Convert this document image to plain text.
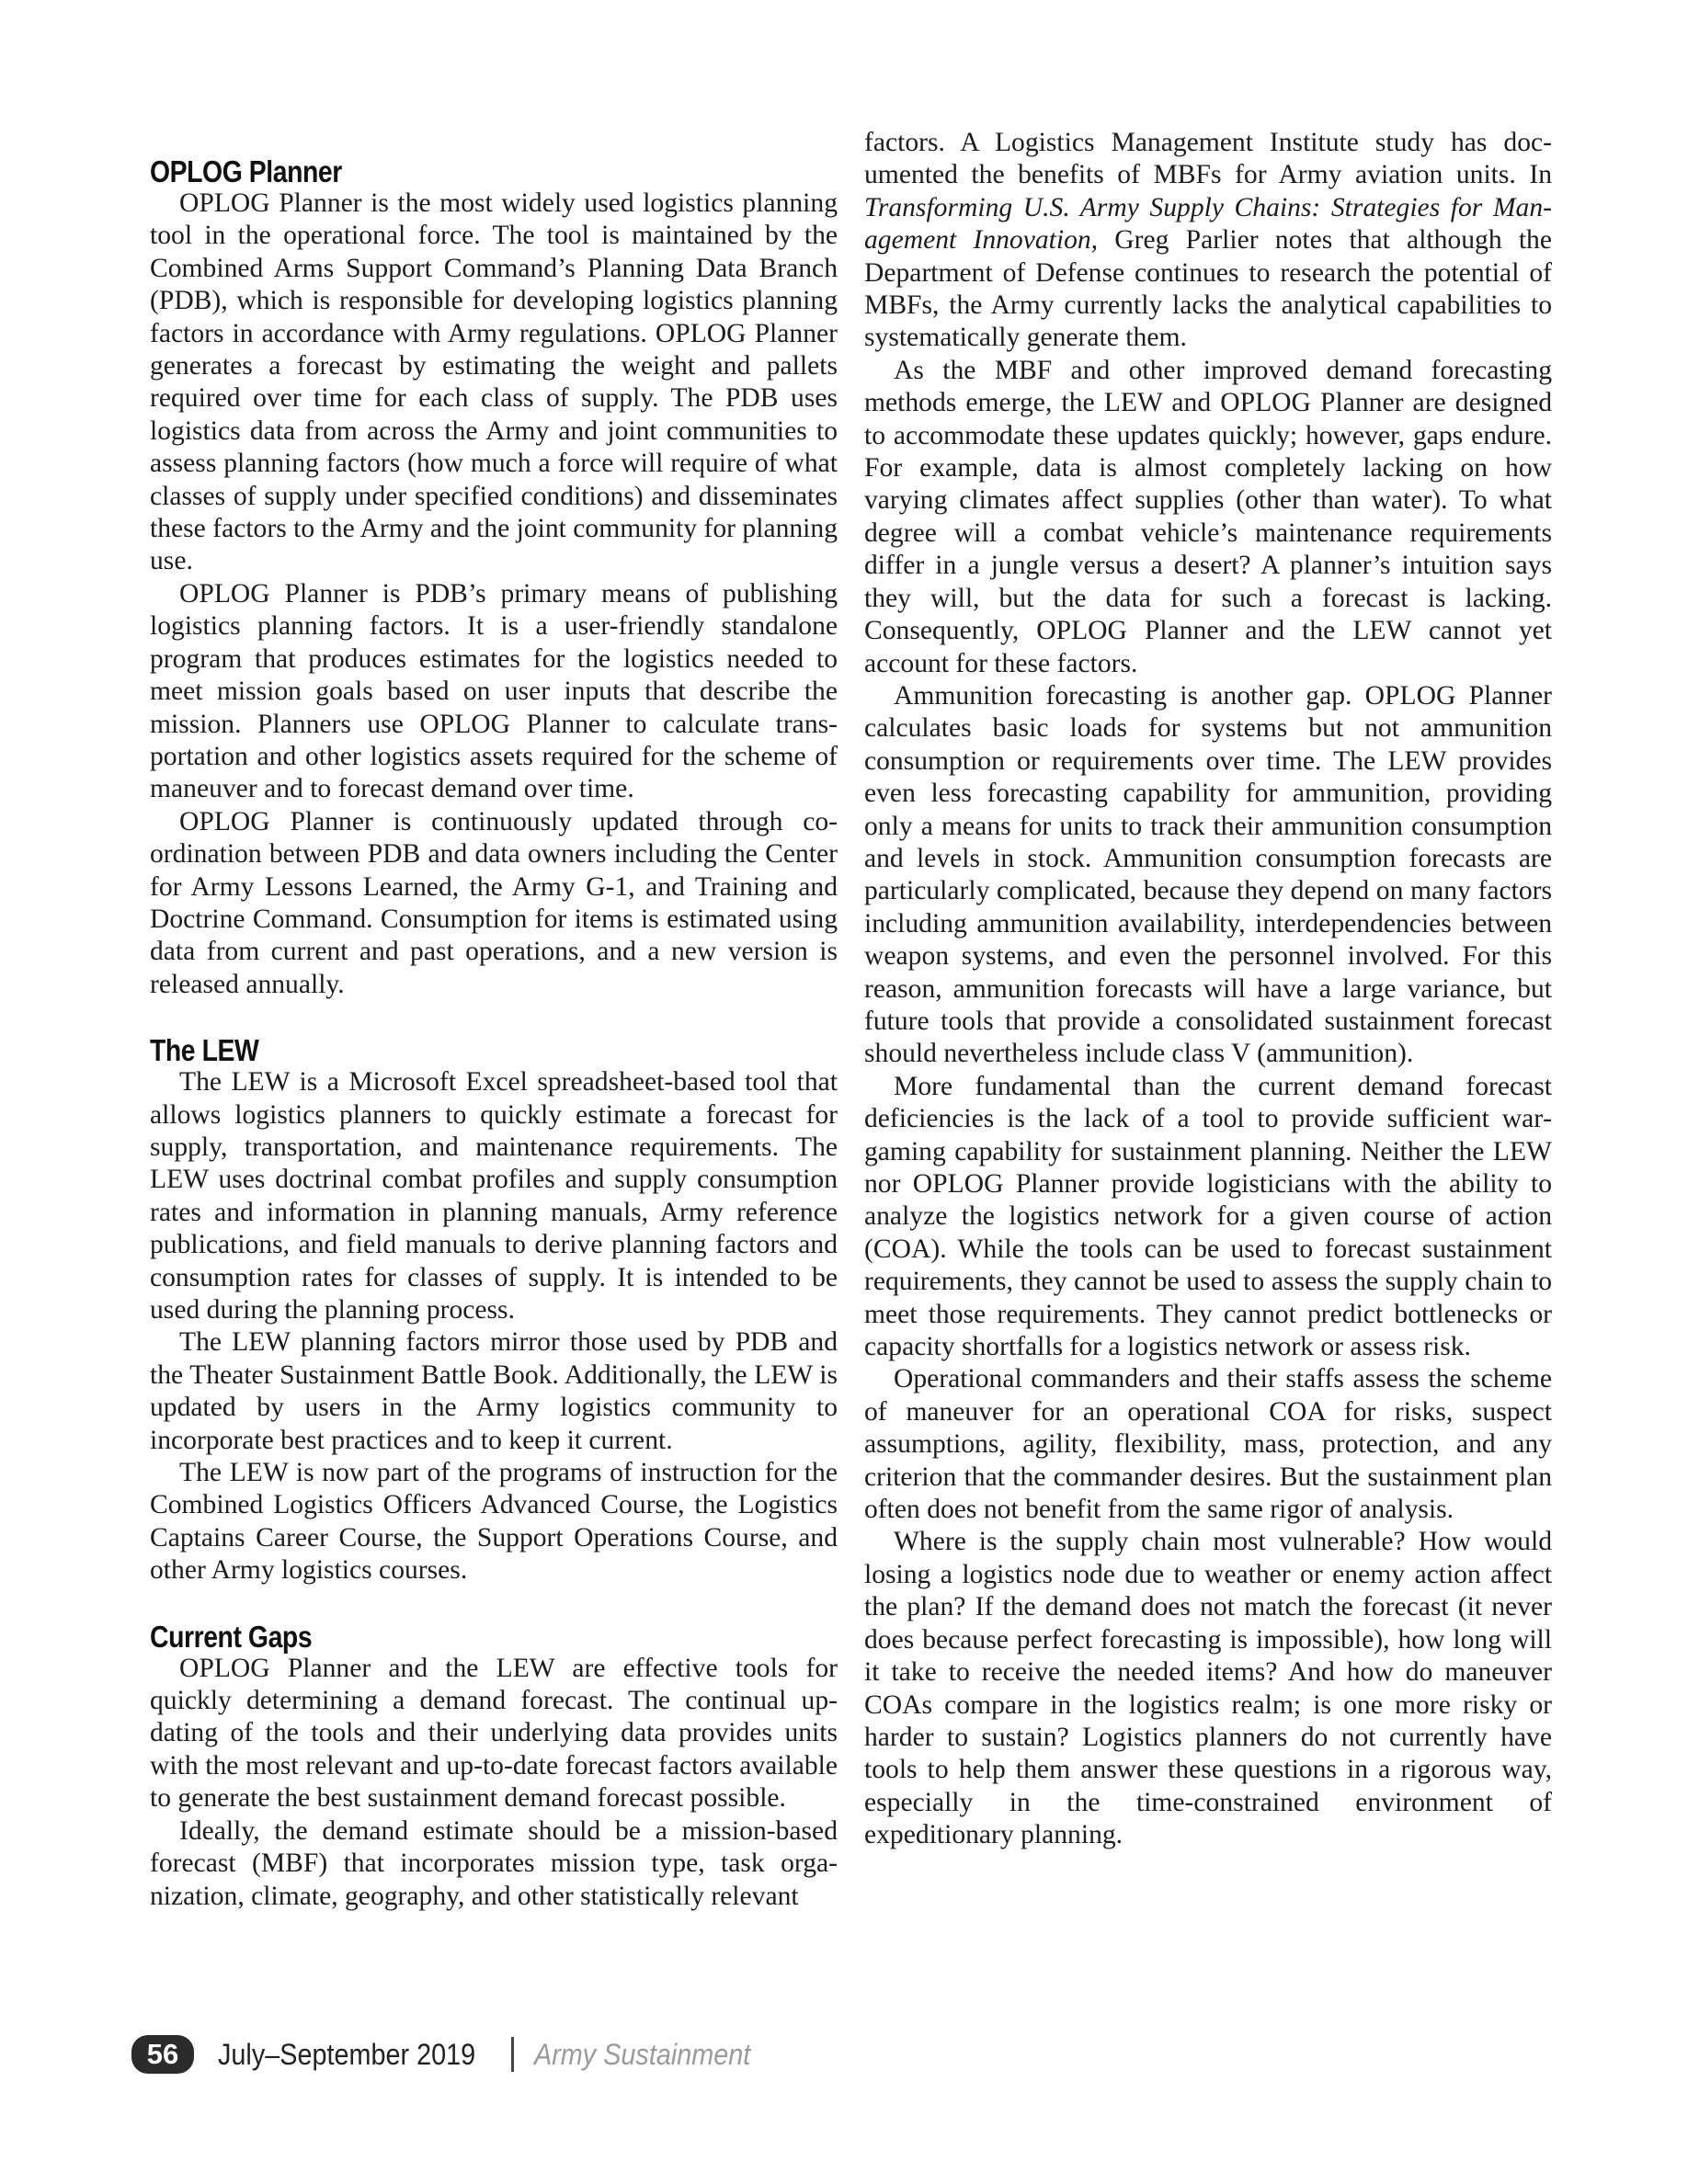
OPLOG Planner

OPLOG Planner is the most widely used logistics planning tool in the operational force. The tool is maintained by the Combined Arms Support Command’s Planning Data Branch (PDB), which is responsible for developing logistics planning factors in accordance with Army regulations. OPLOG Planner generates a forecast by estimating the weight and pallets required over time for each class of supply. The PDB uses logistics data from across the Army and joint communities to assess planning factors (how much a force will require of what classes of supply under specified conditions) and disseminates these factors to the Army and the joint community for planning use.

OPLOG Planner is PDB’s primary means of publishing logistics planning factors. It is a user-friendly standalone program that produces estimates for the logistics needed to meet mission goals based on user inputs that describe the mission. Planners use OPLOG Planner to calculate transportation and other logistics assets required for the scheme of maneuver and to forecast demand over time.

OPLOG Planner is continuously updated through coordination between PDB and data owners including the Center for Army Lessons Learned, the Army G-1, and Training and Doctrine Command. Consumption for items is estimated using data from current and past operations, and a new version is released annually.

The LEW

The LEW is a Microsoft Excel spreadsheet-based tool that allows logistics planners to quickly estimate a forecast for supply, transportation, and maintenance requirements. The LEW uses doctrinal combat profiles and supply consumption rates and information in planning manuals, Army reference publications, and field manuals to derive planning factors and consumption rates for classes of supply. It is intended to be used during the planning process.

The LEW planning factors mirror those used by PDB and the Theater Sustainment Battle Book. Additionally, the LEW is updated by users in the Army logistics community to incorporate best practices and to keep it current.

The LEW is now part of the programs of instruction for the Combined Logistics Officers Advanced Course, the Logistics Captains Career Course, the Support Operations Course, and other Army logistics courses.

Current Gaps

OPLOG Planner and the LEW are effective tools for quickly determining a demand forecast. The continual updating of the tools and their underlying data provides units with the most relevant and up-to-date forecast factors available to generate the best sustainment demand forecast possible.

Ideally, the demand estimate should be a mission-based forecast (MBF) that incorporates mission type, task organization, climate, geography, and other statistically relevant

factors. A Logistics Management Institute study has documented the benefits of MBFs for Army aviation units. In Transforming U.S. Army Supply Chains: Strategies for Management Innovation, Greg Parlier notes that although the Department of Defense continues to research the potential of MBFs, the Army currently lacks the analytical capabilities to systematically generate them.

As the MBF and other improved demand forecasting methods emerge, the LEW and OPLOG Planner are designed to accommodate these updates quickly; however, gaps endure. For example, data is almost completely lacking on how varying climates affect supplies (other than water). To what degree will a combat vehicle’s maintenance requirements differ in a jungle versus a desert? A planner’s intuition says they will, but the data for such a forecast is lacking. Consequently, OPLOG Planner and the LEW cannot yet account for these factors.

Ammunition forecasting is another gap. OPLOG Planner calculates basic loads for systems but not ammunition consumption or requirements over time. The LEW provides even less forecasting capability for ammunition, providing only a means for units to track their ammunition consumption and levels in stock. Ammunition consumption forecasts are particularly complicated, because they depend on many factors including ammunition availability, interdependencies between weapon systems, and even the personnel involved. For this reason, ammunition forecasts will have a large variance, but future tools that provide a consolidated sustainment forecast should nevertheless include class V (ammunition).

More fundamental than the current demand forecast deficiencies is the lack of a tool to provide sufficient wargaming capability for sustainment planning. Neither the LEW nor OPLOG Planner provide logisticians with the ability to analyze the logistics network for a given course of action (COA). While the tools can be used to forecast sustainment requirements, they cannot be used to assess the supply chain to meet those requirements. They cannot predict bottlenecks or capacity shortfalls for a logistics network or assess risk.

Operational commanders and their staffs assess the scheme of maneuver for an operational COA for risks, suspect assumptions, agility, flexibility, mass, protection, and any criterion that the commander desires. But the sustainment plan often does not benefit from the same rigor of analysis.

Where is the supply chain most vulnerable? How would losing a logistics node due to weather or enemy action affect the plan? If the demand does not match the forecast (it never does because perfect forecasting is impossible), how long will it take to receive the needed items? And how do maneuver COAs compare in the logistics realm; is one more risky or harder to sustain? Logistics planners do not currently have tools to help them answer these questions in a rigorous way, especially in the time-constrained environment of expeditionary planning.

56	July–September 2019 Army Sustainment
